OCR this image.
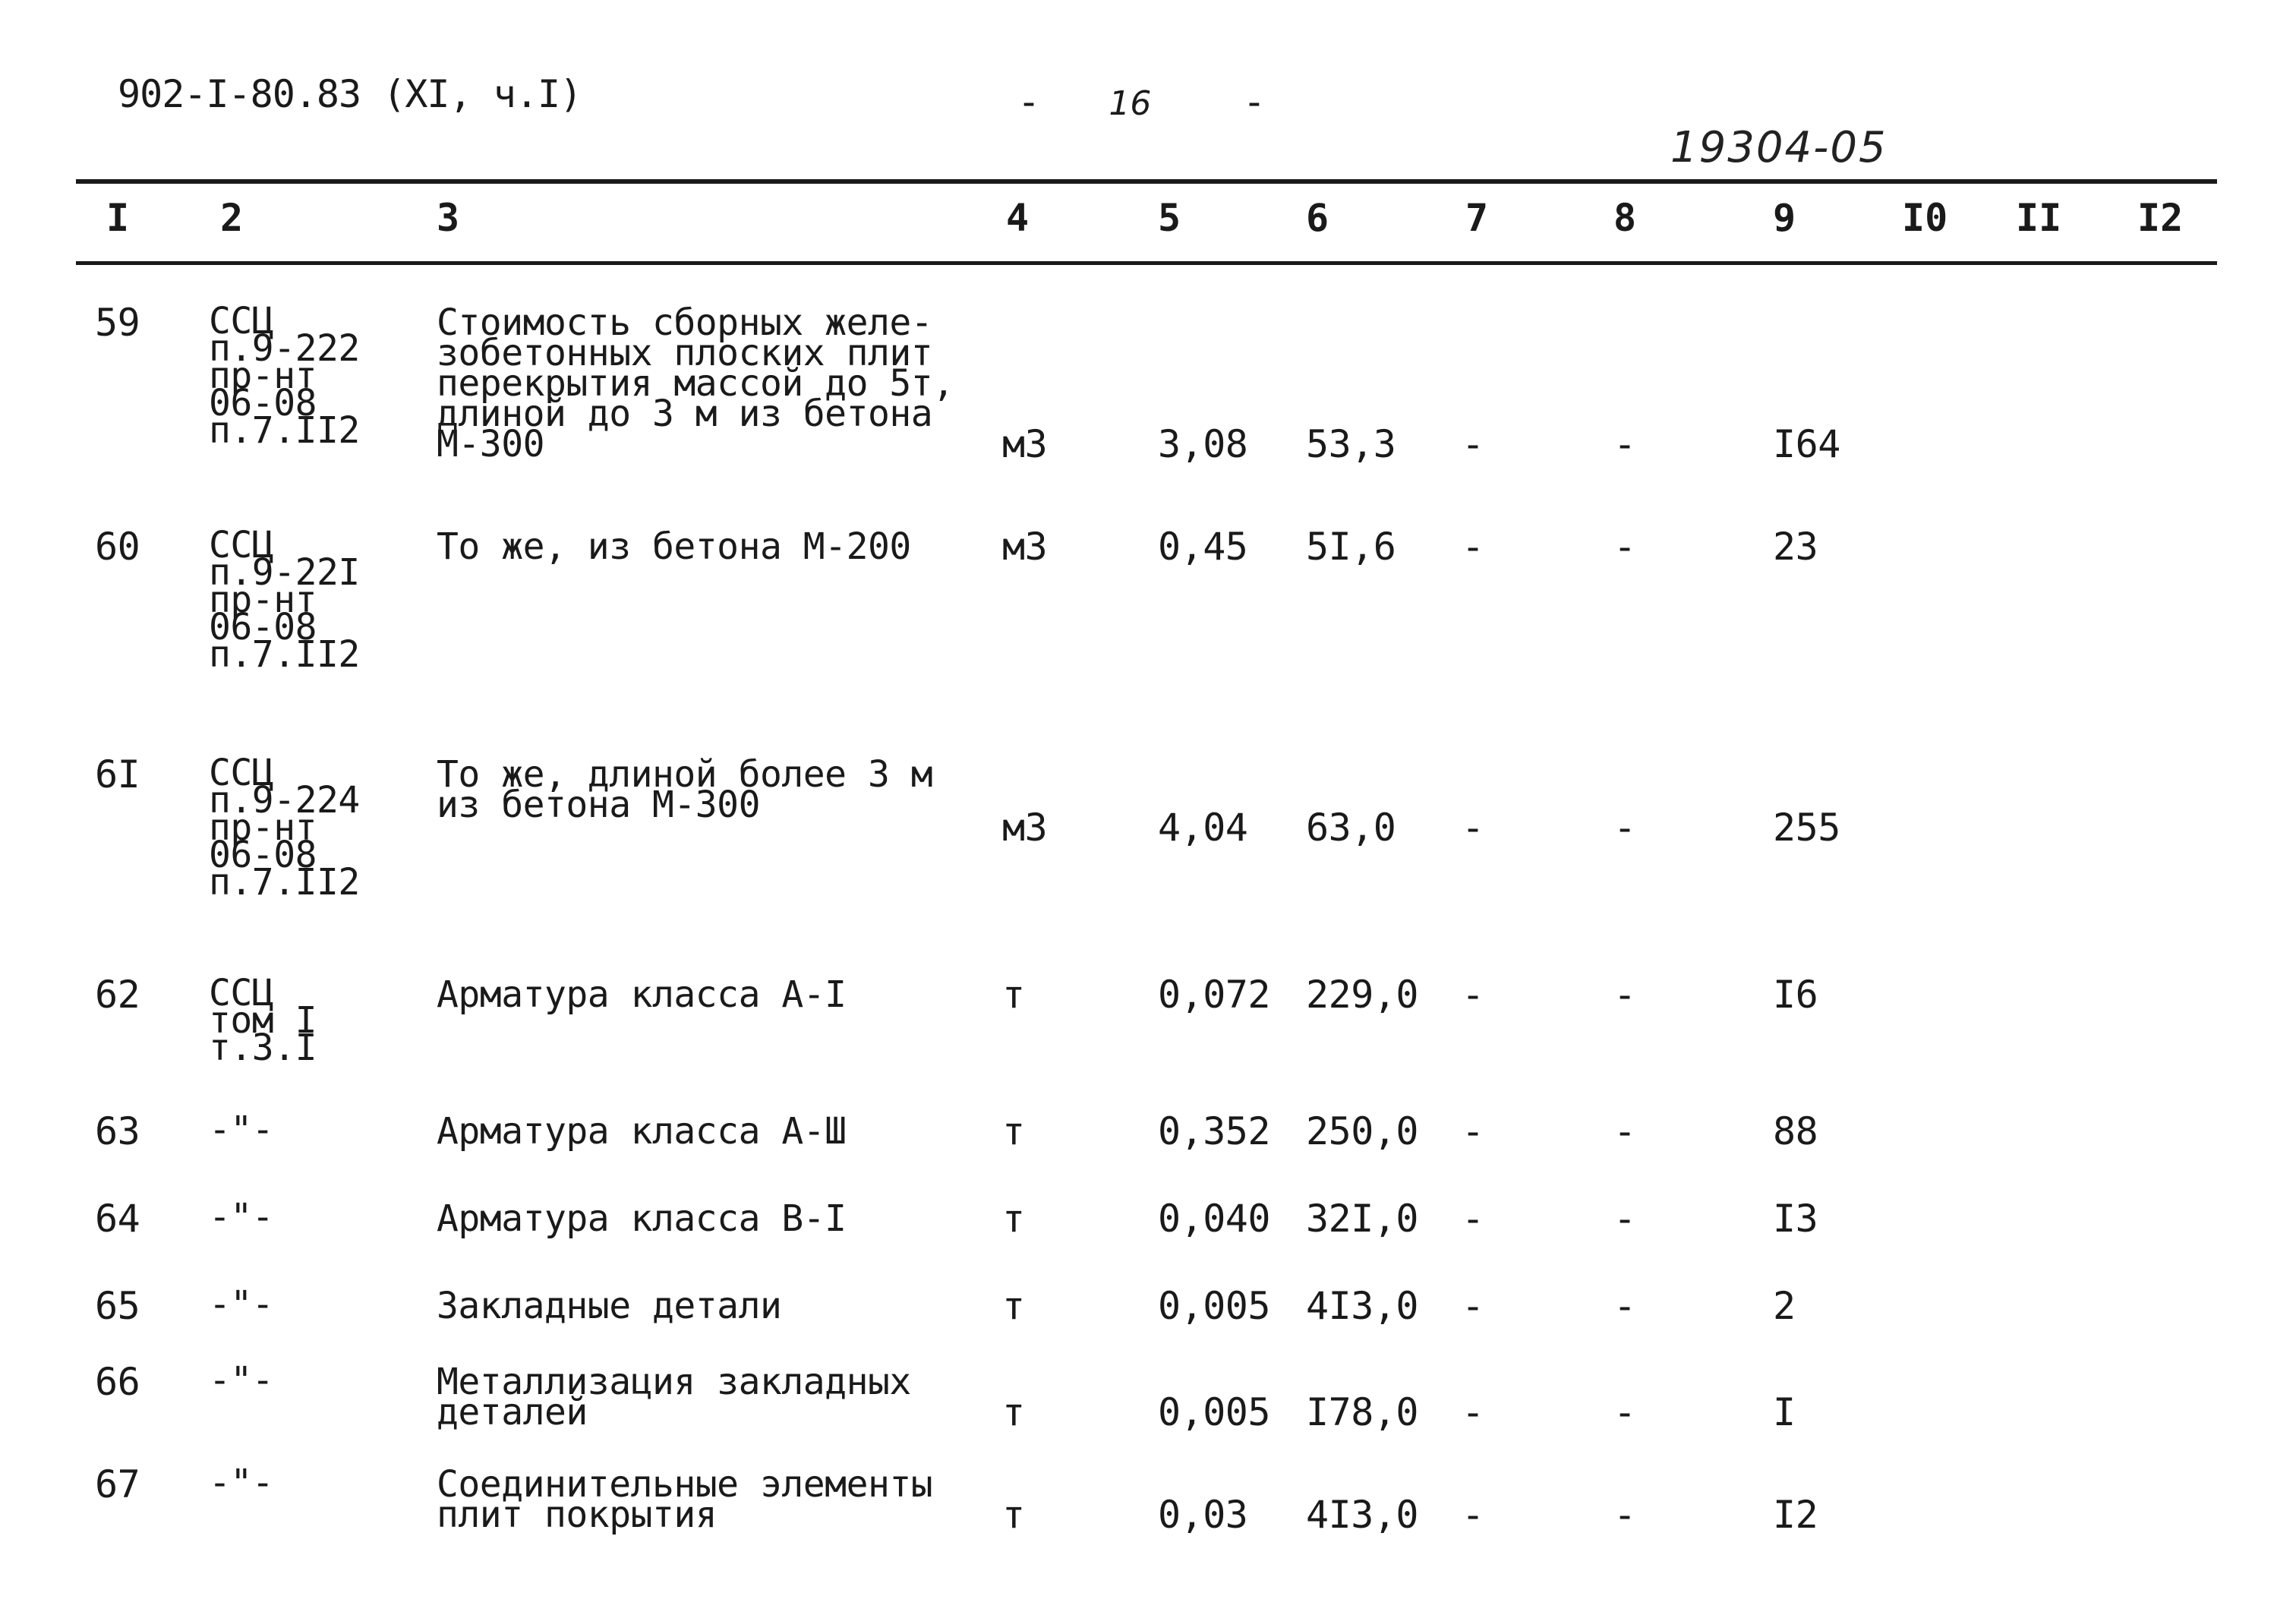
902-I-80.83 (XI, ч.I)	- 16 -
19304-05
I 2	3	4	5	6	7	8	9	I0 II I2
59 ССЦ
п.9-222
пр-нт
06-08
п.7.II2
Стоимость сборных желе-
зобетонных плоских плит
перекрытия массой до 5т,
длиной до 3 м из бетона
М-300	м3	3,08 53,3 -	-	I64
60 ССЦ
п.9-22I
пр-нт
06-08
п.7.II2
То же, из бетона М-200 м3	0,45 5I,6 -	-	23
6I ССЦ
п.9-224
пр-нт
06-08
п.7.II2
То же, длиной более 3 м
из бетона М-300
м3	4,04 63,0 -	-	255
62 ССЦ
том I
т.3.I
Арматура класса А-I	т	0,072 229,0 -	-	I6
63 -"-	Арматура класса А-Ш	т	0,352 250,0 -	-	88
64 -"-	Арматура класса В-I	т	0,040 32I,0 -	-	I3
65 -"-	Закладные детали	т	0,005 4I3,0 -	-	2
66 -"-	Металлизация закладных
деталей	т	0,005 I78,0 -	-	I
67 -"-	Соединительные элементы
плит покрытия	т	0,03 4I3,0 -	-	I2
